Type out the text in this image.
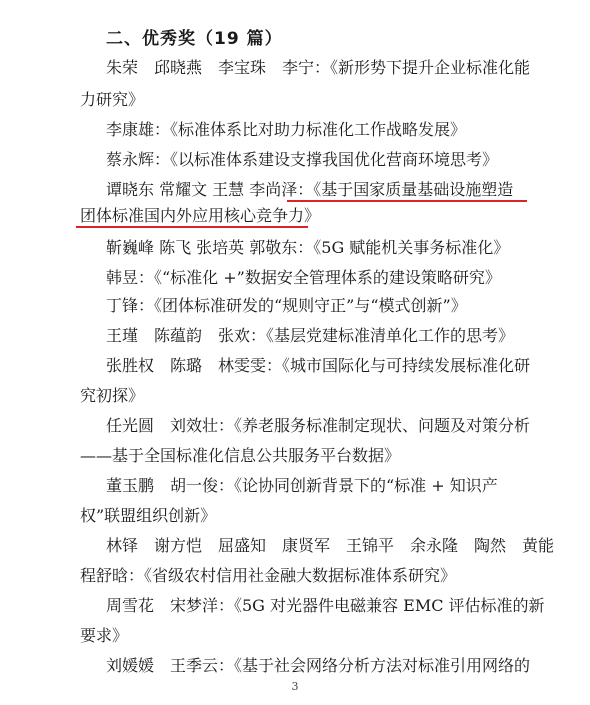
二、优秀奖（19 篇）
朱荣　邱晓燕　李宝珠　李宁：《新形势下提升企业标准化能
力研究》
李康雄：《标准体系比对助力标准化工作战略发展》
蔡永辉：《以标准体系建设支撑我国优化营商环境思考》
谭晓东 常耀文 王慧 李尚泽：《基于国家质量基础设施塑造
团体标准国内外应用核心竞争力》
靳巍峰 陈飞 张培英 郭敬东：《5G 赋能机关事务标准化》
韩昱：《“标准化 +”数据安全管理体系的建设策略研究》
丁锋：《团体标准研发的“规则守正”与“模式创新”》
王瑾　陈蕴韵　张欢：《基层党建标准清单化工作的思考》
张胜权　陈璐　林雯雯：《城市国际化与可持续发展标准化研
究初探》
任光圆　刘效壮：《养老服务标准制定现状、问题及对策分析
——基于全国标准化信息公共服务平台数据》
董玉鹏　胡一俊：《论协同创新背景下的“标准 + 知识产
权”联盟组织创新》
林铎　谢方恺　屈盛知　康贤军　王锦平　余永隆　陶然　黄能
程舒晗：《省级农村信用社金融大数据标准体系研究》
周雪花　宋梦洋：《5G 对光器件电磁兼容 EMC 评估标准的新
要求》
刘媛媛　王季云：《基于社会网络分析方法对标准引用网络的
3
